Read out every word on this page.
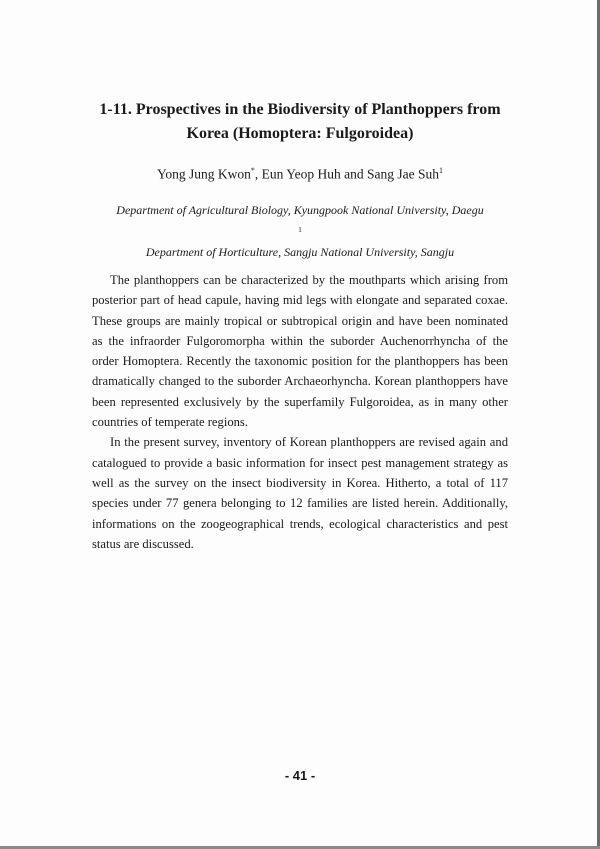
1-11. Prospectives in the Biodiversity of Planthoppers from
Korea (Homoptera: Fulgoroidea)
Yong Jung Kwon*, Eun Yeop Huh and Sang Jae Suh$^1$
Department of Agricultural Biology, Kyungpook National University, Daegu
$^1$
Department of Horticulture, Sangju National University, Sangju

The planthoppers can be characterized by the mouthparts which arising from posterior part of head capule, having mid legs with elongate and separated coxae. These groups are mainly tropical or subtropical origin and have been nominated as the infraorder Fulgoromorpha within the suborder Auchenorrhyncha of the order Homoptera. Recently the taxonomic position for the planthoppers has been dramatically changed to the suborder Archaeorhyncha. Korean planthoppers have been represented exclusively by the superfamily Fulgoroidea, as in many other countries of temperate regions.

In the present survey, inventory of Korean planthoppers are revised again and catalogued to provide a basic information for insect pest management strategy as well as the survey on the insect biodiversity in Korea. Hitherto, a total of 117 species under 77 genera belonging to 12 families are listed herein. Additionally, informations on the zoogeographical trends, ecological characteristics and pest status are discussed.

- 41 -
